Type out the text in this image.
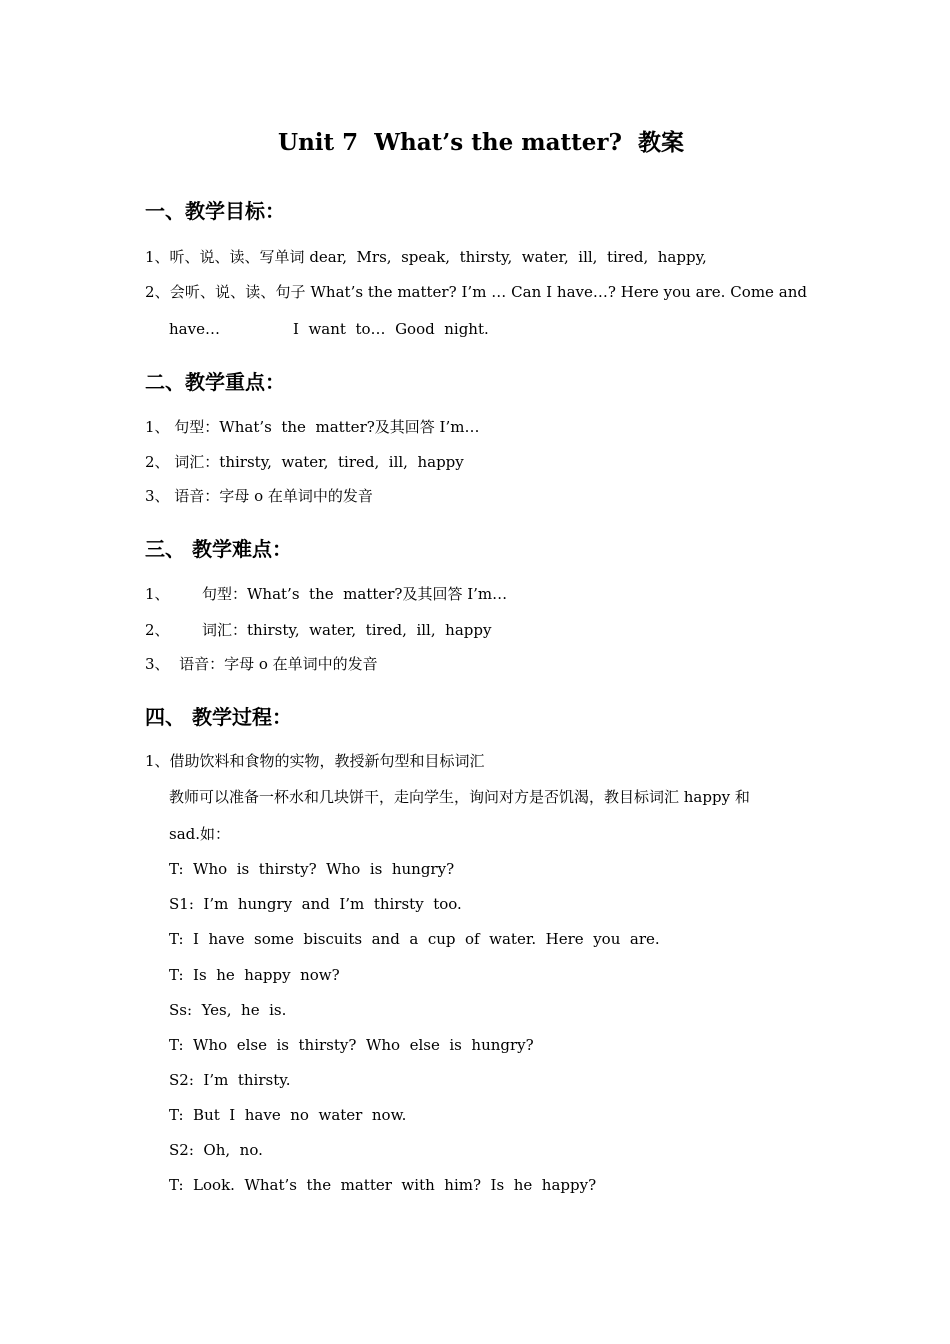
Unit 7  What’s the matter?  教案
一、教学目标：
1、听、说、读、写单词 dear,  Mrs,  speak,  thirsty,  water,  ill,  tired,  happy,
2、会听、说、读、句子 What’s the matter? I’m … Can I have…? Here you are. Come and
have…	I  want  to…  Good  night.
二、教学重点：
1、 句型：What’s  the  matter?及其回答 I’m…
2、 词汇：thirsty,  water,  tired,  ill,  happy
3、 语音：字母 o 在单词中的发音
三、 教学难点：
1、 句型：What’s  the  matter?及其回答 I’m…
2、 词汇：thirsty,  water,  tired,  ill,  happy
3、  语音：字母 o 在单词中的发音
四、 教学过程：
1、借助饮料和食物的实物，教授新句型和目标词汇
教师可以准备一杯水和几块饼干，走向学生，询问对方是否饥渴，教目标词汇 happy 和
sad.如：
T:  Who  is  thirsty?  Who  is  hungry?
S1:  I’m  hungry  and  I’m  thirsty  too.
T:  I  have  some  biscuits  and  a  cup  of  water.  Here  you  are.
T:  Is  he  happy  now?
Ss:  Yes,  he  is.
T:  Who  else  is  thirsty?  Who  else  is  hungry?
S2:  I’m  thirsty.
T:  But  I  have  no  water  now.
S2:  Oh,  no.
T:  Look.  What’s  the  matter  with  him?  Is  he  happy?
